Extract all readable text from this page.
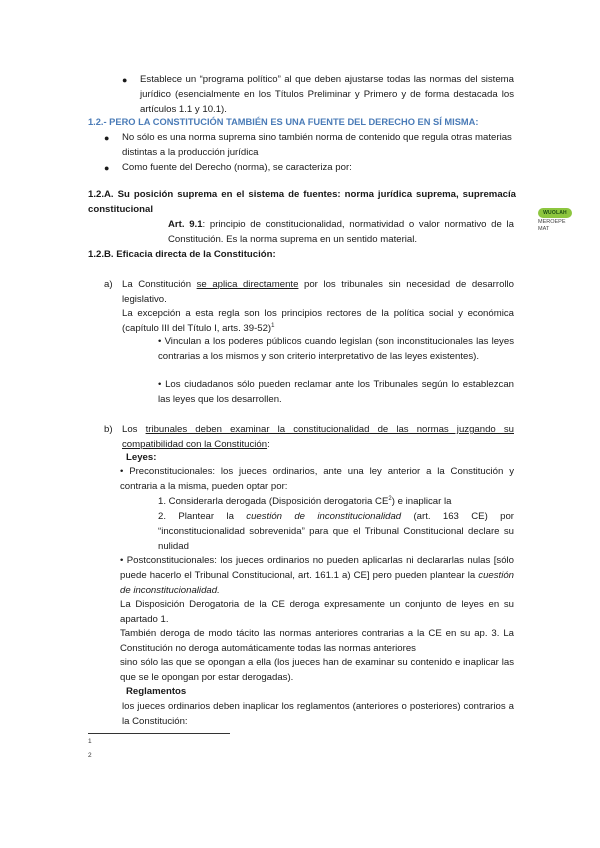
● Establece un “programa político” al que deben ajustarse todas las normas del sistema jurídico (esencialmente en los Títulos Preliminar y Primero y de forma destacada los artículos 1.1 y 10.1).
1.2.- PERO LA CONSTITUCIÓN TAMBIÉN ES UNA FUENTE DEL DERECHO EN SÍ MISMA:
● No sólo es una norma suprema sino también norma de contenido que regula otras materias distintas a la producción jurídica
● Como fuente del Derecho (norma), se caracteriza por:
1.2.A. Su posición suprema en el sistema de fuentes: norma jurídica suprema, supremacía constitucional
Art. 9.1: principio de constitucionalidad, normatividad o valor normativo de la Constitución. Es la norma suprema en un sentido material.
WUOLAH
MEROEPEMAT
1.2.B. Eficacia directa de la Constitución:
a) La Constitución se aplica directamente por los tribunales sin necesidad de desarrollo legislativo.
La excepción a esta regla son los principios rectores de la política social y económica (capítulo III del Título I, arts. 39-52)$^1$
• Vinculan a los poderes públicos cuando legislan (son inconstitucionales las leyes contrarias a los mismos y son criterio interpretativo de las leyes existentes).
• Los ciudadanos sólo pueden reclamar ante los Tribunales según lo establezcan las leyes que los desarrollen.
b) Los tribunales deben examinar la constitucionalidad de las normas juzgando su compatibilidad con la Constitución:
Leyes:
• Preconstitucionales: los jueces ordinarios, ante una ley anterior a la Constitución y contraria a la misma, pueden optar por:
1. Considerarla derogada (Disposición derogatoria $CE^2$) e inaplicar la
2. Plantear la cuestión de inconstitucionalidad (art. 163 CE) por “inconstitucionalidad sobrevenida” para que el Tribunal Constitucional declare su nulidad
• Postconstitucionales: los jueces ordinarios no pueden aplicarlas ni declararlas nulas [sólo puede hacerlo el Tribunal Constitucional, art. 161.1 a) CE] pero pueden plantear la cuestión de inconstitucionalidad.
La Disposición Derogatoria de la CE deroga expresamente un conjunto de leyes en su apartado 1.
También deroga de modo tácito las normas anteriores contrarias a la CE en su ap. 3. La Constitución no deroga automáticamente todas las normas anteriores
sino sólo las que se opongan a ella (los jueces han de examinar su contenido e inaplicar las que se le opongan por estar derogadas).
Reglamentos
los jueces ordinarios deben inaplicar los reglamentos (anteriores o posteriores) contrarios a la Constitución:
1
2
